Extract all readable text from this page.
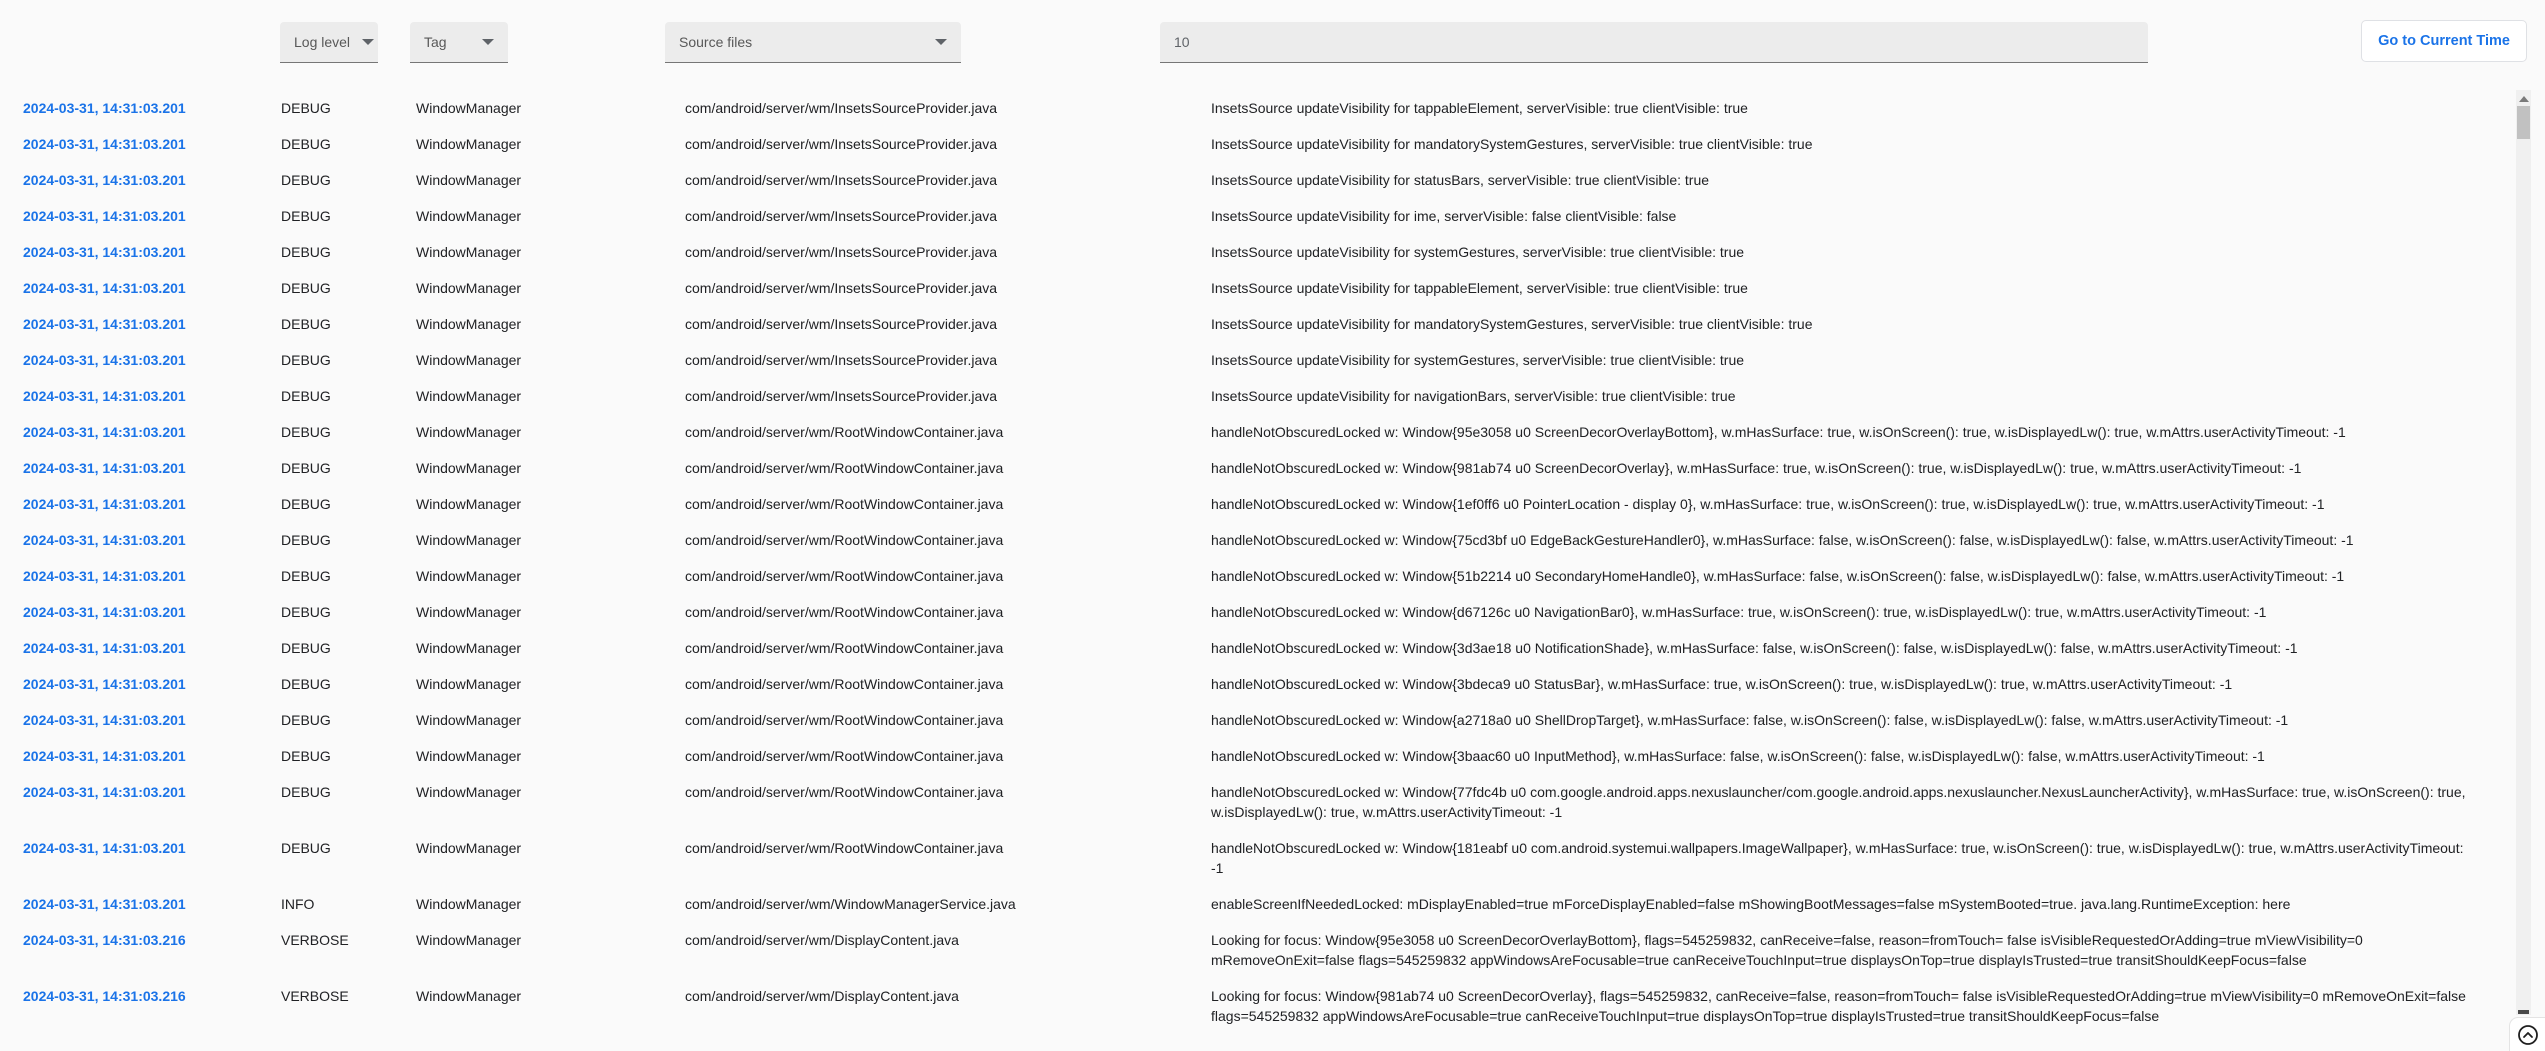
Log level	Tag	Source files
10	Go to Current Time
2024-03-31, 14:31:03.201	DEBUG	WindowManager	com/android/server/wm/InsetsSourceProvider.java	InsetsSource updateVisibility for tappableElement, serverVisible: true clientVisible: true
2024-03-31, 14:31:03.201	DEBUG	WindowManager	com/android/server/wm/InsetsSourceProvider.java	InsetsSource updateVisibility for mandatorySystemGestures, serverVisible: true clientVisible: true
2024-03-31, 14:31:03.201	DEBUG	WindowManager	com/android/server/wm/InsetsSourceProvider.java	InsetsSource updateVisibility for statusBars, serverVisible: true clientVisible: true
2024-03-31, 14:31:03.201	DEBUG	WindowManager	com/android/server/wm/InsetsSourceProvider.java	InsetsSource updateVisibility for ime, serverVisible: false clientVisible: false
2024-03-31, 14:31:03.201	DEBUG	WindowManager	com/android/server/wm/InsetsSourceProvider.java	InsetsSource updateVisibility for systemGestures, serverVisible: true clientVisible: true
2024-03-31, 14:31:03.201	DEBUG	WindowManager	com/android/server/wm/InsetsSourceProvider.java	InsetsSource updateVisibility for tappableElement, serverVisible: true clientVisible: true
2024-03-31, 14:31:03.201	DEBUG	WindowManager	com/android/server/wm/InsetsSourceProvider.java	InsetsSource updateVisibility for mandatorySystemGestures, serverVisible: true clientVisible: true
2024-03-31, 14:31:03.201	DEBUG	WindowManager	com/android/server/wm/InsetsSourceProvider.java	InsetsSource updateVisibility for systemGestures, serverVisible: true clientVisible: true
2024-03-31, 14:31:03.201	DEBUG	WindowManager	com/android/server/wm/InsetsSourceProvider.java	InsetsSource updateVisibility for navigationBars, serverVisible: true clientVisible: true
2024-03-31, 14:31:03.201	DEBUG	WindowManager	com/android/server/wm/RootWindowContainer.java	handleNotObscuredLocked w: Window{95e3058 u0 ScreenDecorOverlayBottom}, w.mHasSurface: true, w.isOnScreen(): true, w.isDisplayedLw(): true, w.mAttrs.userActivityTimeout: -1
2024-03-31, 14:31:03.201	DEBUG	WindowManager	com/android/server/wm/RootWindowContainer.java	handleNotObscuredLocked w: Window{981ab74 u0 ScreenDecorOverlay}, w.mHasSurface: true, w.isOnScreen(): true, w.isDisplayedLw(): true, w.mAttrs.userActivityTimeout: -1
2024-03-31, 14:31:03.201	DEBUG	WindowManager	com/android/server/wm/RootWindowContainer.java	handleNotObscuredLocked w: Window{1ef0ff6 u0 PointerLocation - display 0}, w.mHasSurface: true, w.isOnScreen(): true, w.isDisplayedLw(): true, w.mAttrs.userActivityTimeout: -1
2024-03-31, 14:31:03.201	DEBUG	WindowManager	com/android/server/wm/RootWindowContainer.java	handleNotObscuredLocked w: Window{75cd3bf u0 EdgeBackGestureHandler0}, w.mHasSurface: false, w.isOnScreen(): false, w.isDisplayedLw(): false, w.mAttrs.userActivityTimeout: -1
2024-03-31, 14:31:03.201	DEBUG	WindowManager	com/android/server/wm/RootWindowContainer.java	handleNotObscuredLocked w: Window{51b2214 u0 SecondaryHomeHandle0}, w.mHasSurface: false, w.isOnScreen(): false, w.isDisplayedLw(): false, w.mAttrs.userActivityTimeout: -1
2024-03-31, 14:31:03.201	DEBUG	WindowManager	com/android/server/wm/RootWindowContainer.java	handleNotObscuredLocked w: Window{d67126c u0 NavigationBar0}, w.mHasSurface: true, w.isOnScreen(): true, w.isDisplayedLw(): true, w.mAttrs.userActivityTimeout: -1
2024-03-31, 14:31:03.201	DEBUG	WindowManager	com/android/server/wm/RootWindowContainer.java	handleNotObscuredLocked w: Window{3d3ae18 u0 NotificationShade}, w.mHasSurface: false, w.isOnScreen(): false, w.isDisplayedLw(): false, w.mAttrs.userActivityTimeout: -1
2024-03-31, 14:31:03.201	DEBUG	WindowManager	com/android/server/wm/RootWindowContainer.java	handleNotObscuredLocked w: Window{3bdeca9 u0 StatusBar}, w.mHasSurface: true, w.isOnScreen(): true, w.isDisplayedLw(): true, w.mAttrs.userActivityTimeout: -1
2024-03-31, 14:31:03.201	DEBUG	WindowManager	com/android/server/wm/RootWindowContainer.java	handleNotObscuredLocked w: Window{a2718a0 u0 ShellDropTarget}, w.mHasSurface: false, w.isOnScreen(): false, w.isDisplayedLw(): false, w.mAttrs.userActivityTimeout: -1
2024-03-31, 14:31:03.201	DEBUG	WindowManager	com/android/server/wm/RootWindowContainer.java	handleNotObscuredLocked w: Window{3baac60 u0 InputMethod}, w.mHasSurface: false, w.isOnScreen(): false, w.isDisplayedLw(): false, w.mAttrs.userActivityTimeout: -1
2024-03-31, 14:31:03.201	DEBUG	WindowManager	com/android/server/wm/RootWindowContainer.java	handleNotObscuredLocked w: Window{77fdc4b u0 com.google.android.apps.nexuslauncher/com.google.android.apps.nexuslauncher.NexusLauncherActivity}, w.mHasSurface: true, w.isOnScreen(): true, w.isDisplayedLw(): true, w.mAttrs.userActivityTimeout: -1
2024-03-31, 14:31:03.201	DEBUG	WindowManager	com/android/server/wm/RootWindowContainer.java	handleNotObscuredLocked w: Window{181eabf u0 com.android.systemui.wallpapers.ImageWallpaper}, w.mHasSurface: true, w.isOnScreen(): true, w.isDisplayedLw(): true, w.mAttrs.userActivityTimeout: -1
2024-03-31, 14:31:03.201	INFO	WindowManager	com/android/server/wm/WindowManagerService.java	enableScreenIfNeededLocked: mDisplayEnabled=true mForceDisplayEnabled=false mShowingBootMessages=false mSystemBooted=true. java.lang.RuntimeException: here
2024-03-31, 14:31:03.216	VERBOSE	WindowManager	com/android/server/wm/DisplayContent.java	Looking for focus: Window{95e3058 u0 ScreenDecorOverlayBottom}, flags=545259832, canReceive=false, reason=fromTouch= false isVisibleRequestedOrAdding=true mViewVisibility=0 mRemoveOnExit=false flags=545259832 appWindowsAreFocusable=true canReceiveTouchInput=true displaysOnTop=true displayIsTrusted=true transitShouldKeepFocus=false
2024-03-31, 14:31:03.216	VERBOSE	WindowManager	com/android/server/wm/DisplayContent.java	Looking for focus: Window{981ab74 u0 ScreenDecorOverlay}, flags=545259832, canReceive=false, reason=fromTouch= false isVisibleRequestedOrAdding=true mViewVisibility=0 mRemoveOnExit=false flags=545259832 appWindowsAreFocusable=true canReceiveTouchInput=true displaysOnTop=true displayIsTrusted=true transitShouldKeepFocus=false
